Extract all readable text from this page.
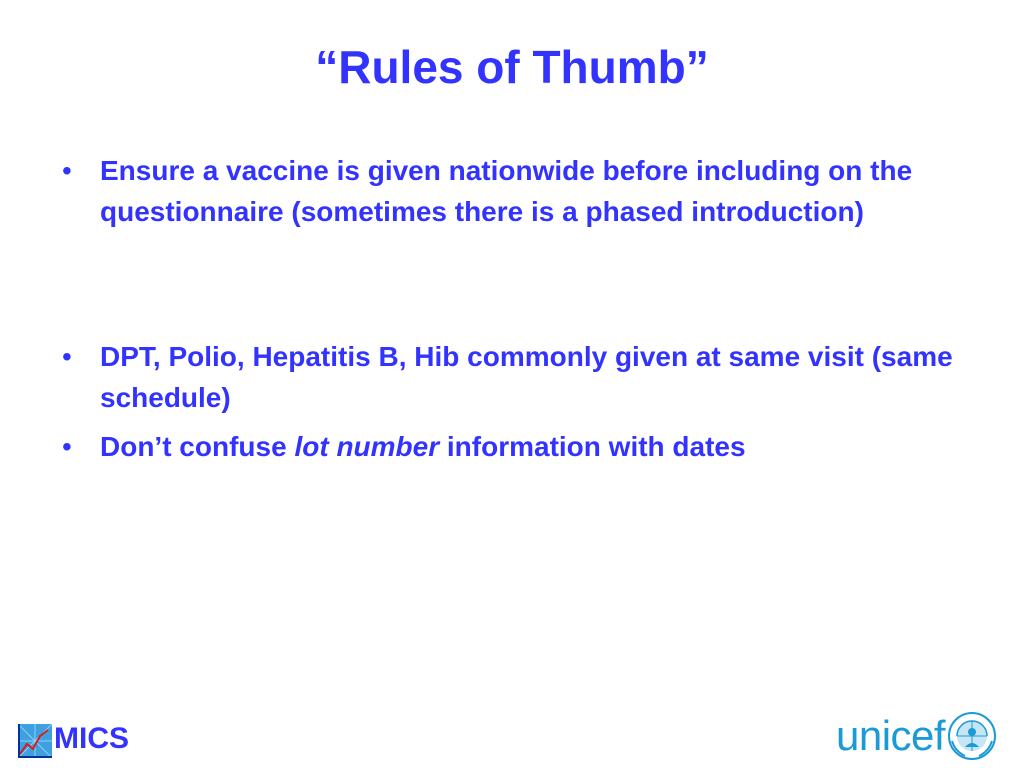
“Rules of Thumb”
• Ensure a vaccine is given nationwide before including on the questionnaire (sometimes there is a phased introduction)
• DPT, Polio, Hepatitis B, Hib commonly given at same visit (same schedule)
• Don’t confuse lot number information with dates
MICS	unicef
